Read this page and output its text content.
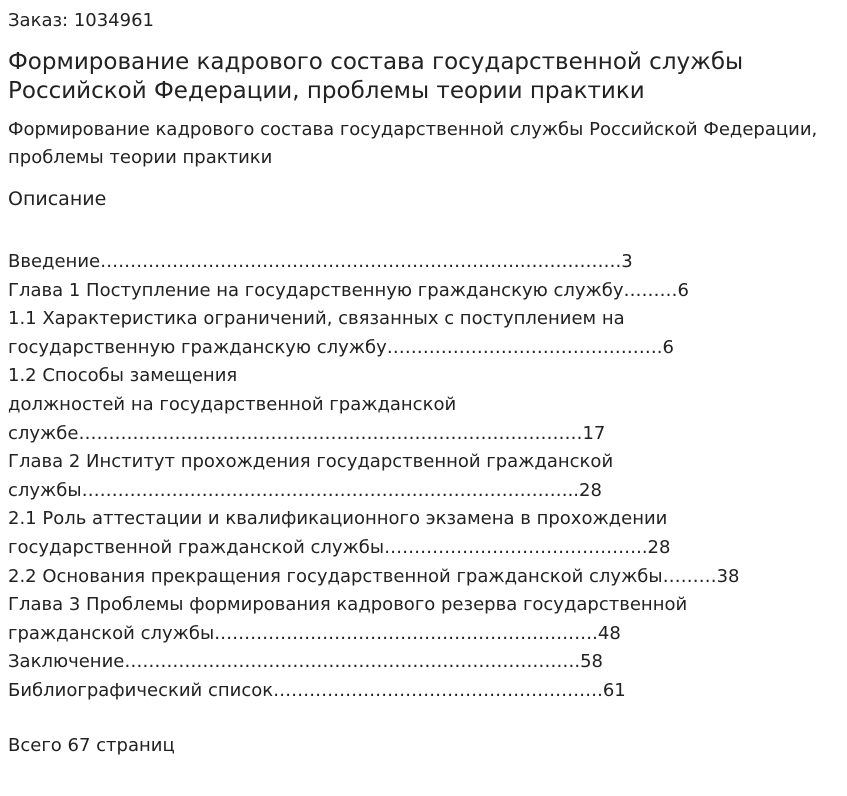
Заказ: 1034961
Формирование кадрового состава государственной службы Российской Федерации, проблемы теории практики
Формирование кадрового состава государственной службы Российской Федерации, проблемы теории практики
Описание
Введение……………………………………………………………..…………….3
Глава 1 Поступление на государственную гражданскую службу………6
1.1 Характеристика ограничений, связанных с поступлением на
государственную гражданскую службу……………………………………….6
1.2 Способы замещения
должностей на государственной гражданской
службе…………………………………………………………………………17
Глава 2 Институт прохождения государственной гражданской
службы………………………………………………………………………..28
2.1 Роль аттестации и квалификационного экзамена в прохождении
государственной гражданской службы……………………………………..28
2.2 Основания прекращения государственной гражданской службы………38
Глава 3 Проблемы формирования кадрового резерва государственной
гражданской службы……………………………………………………….48
Заключение………………………………………………………………….58
Библиографический список……………………………………………….61
Всего 67 страниц
